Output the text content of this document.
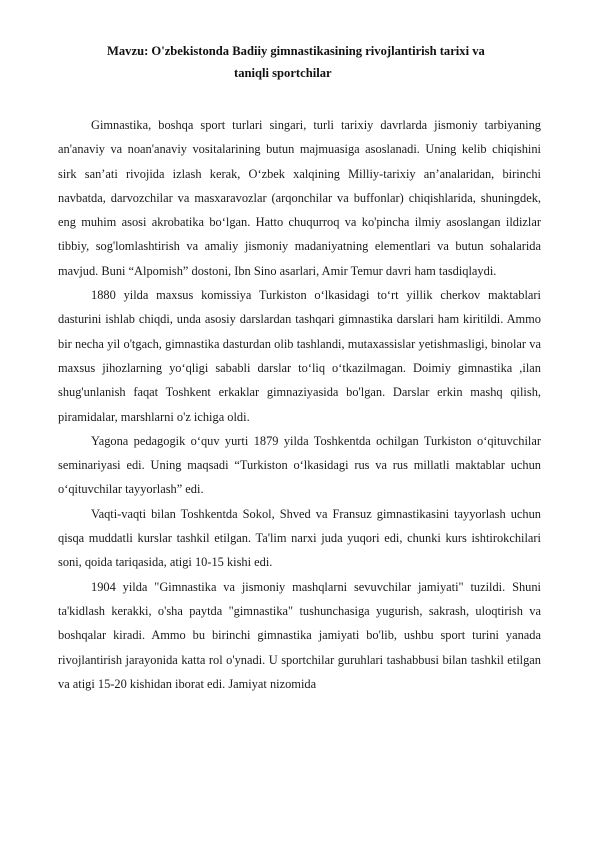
Mavzu: O'zbekistonda Badiiy gimnastikasining rivojlantirish tarixi va
taniqli sportchilar

Gimnastika, boshqa sport turlari singari, turli tarixiy davrlarda jismoniy tarbiyaning an'anaviy va noan'anaviy vositalarining butun majmuasiga asoslanadi. Uning kelib chiqishini sirk san’ati rivojida izlash kerak, O‘zbek xalqining Milliy-tarixiy an’analaridan, birinchi navbatda, darvozchilar va masxaravozlar (arqonchilar va buffonlar) chiqishlarida, shuningdek, eng muhim asosi akrobatika bo‘lgan. Hatto chuqurroq va ko'pincha ilmiy asoslangan ildizlar tibbiy, sog'lomlashtirish va amaliy jismoniy madaniyatning elementlari va butun sohalarida mavjud. Buni “Alpomish” dostoni, Ibn Sino asarlari, Amir Temur davri ham tasdiqlaydi.

1880 yilda maxsus komissiya Turkiston o‘lkasidagi to‘rt yillik cherkov maktablari dasturini ishlab chiqdi, unda asosiy darslardan tashqari gimnastika darslari ham kiritildi. Ammo bir necha yil o'tgach, gimnastika dasturdan olib tashlandi, mutaxassislar yetishmasligi, binolar va maxsus jihozlarning yo‘qligi sababli darslar to‘liq o‘tkazilmagan. Doimiy gimnastika ,ilan shug'unlanish faqat Toshkent erkaklar gimnaziyasida bo'lgan. Darslar erkin mashq qilish, piramidalar, marshlarni o'z ichiga oldi.

Yagona pedagogik o‘quv yurti 1879 yilda Toshkentda ochilgan Turkiston o‘qituvchilar seminariyasi edi. Uning maqsadi “Turkiston o‘lkasidagi rus va rus millatli maktablar uchun o‘qituvchilar tayyorlash” edi.

Vaqti-vaqti bilan Toshkentda Sokol, Shved va Fransuz gimnastikasini tayyorlash uchun qisqa muddatli kurslar tashkil etilgan. Ta'lim narxi juda yuqori edi, chunki kurs ishtirokchilari soni, qoida tariqasida, atigi 10-15 kishi edi.

1904 yilda "Gimnastika va jismoniy mashqlarni sevuvchilar jamiyati" tuzildi. Shuni ta'kidlash kerakki, o'sha paytda "gimnastika" tushunchasiga yugurish, sakrash, uloqtirish va boshqalar kiradi. Ammo bu birinchi gimnastika jamiyati bo'lib, ushbu sport turini yanada rivojlantirish jarayonida katta rol o'ynadi. U sportchilar guruhlari tashabbusi bilan tashkil etilgan va atigi 15-20 kishidan iborat edi. Jamiyat nizomida
